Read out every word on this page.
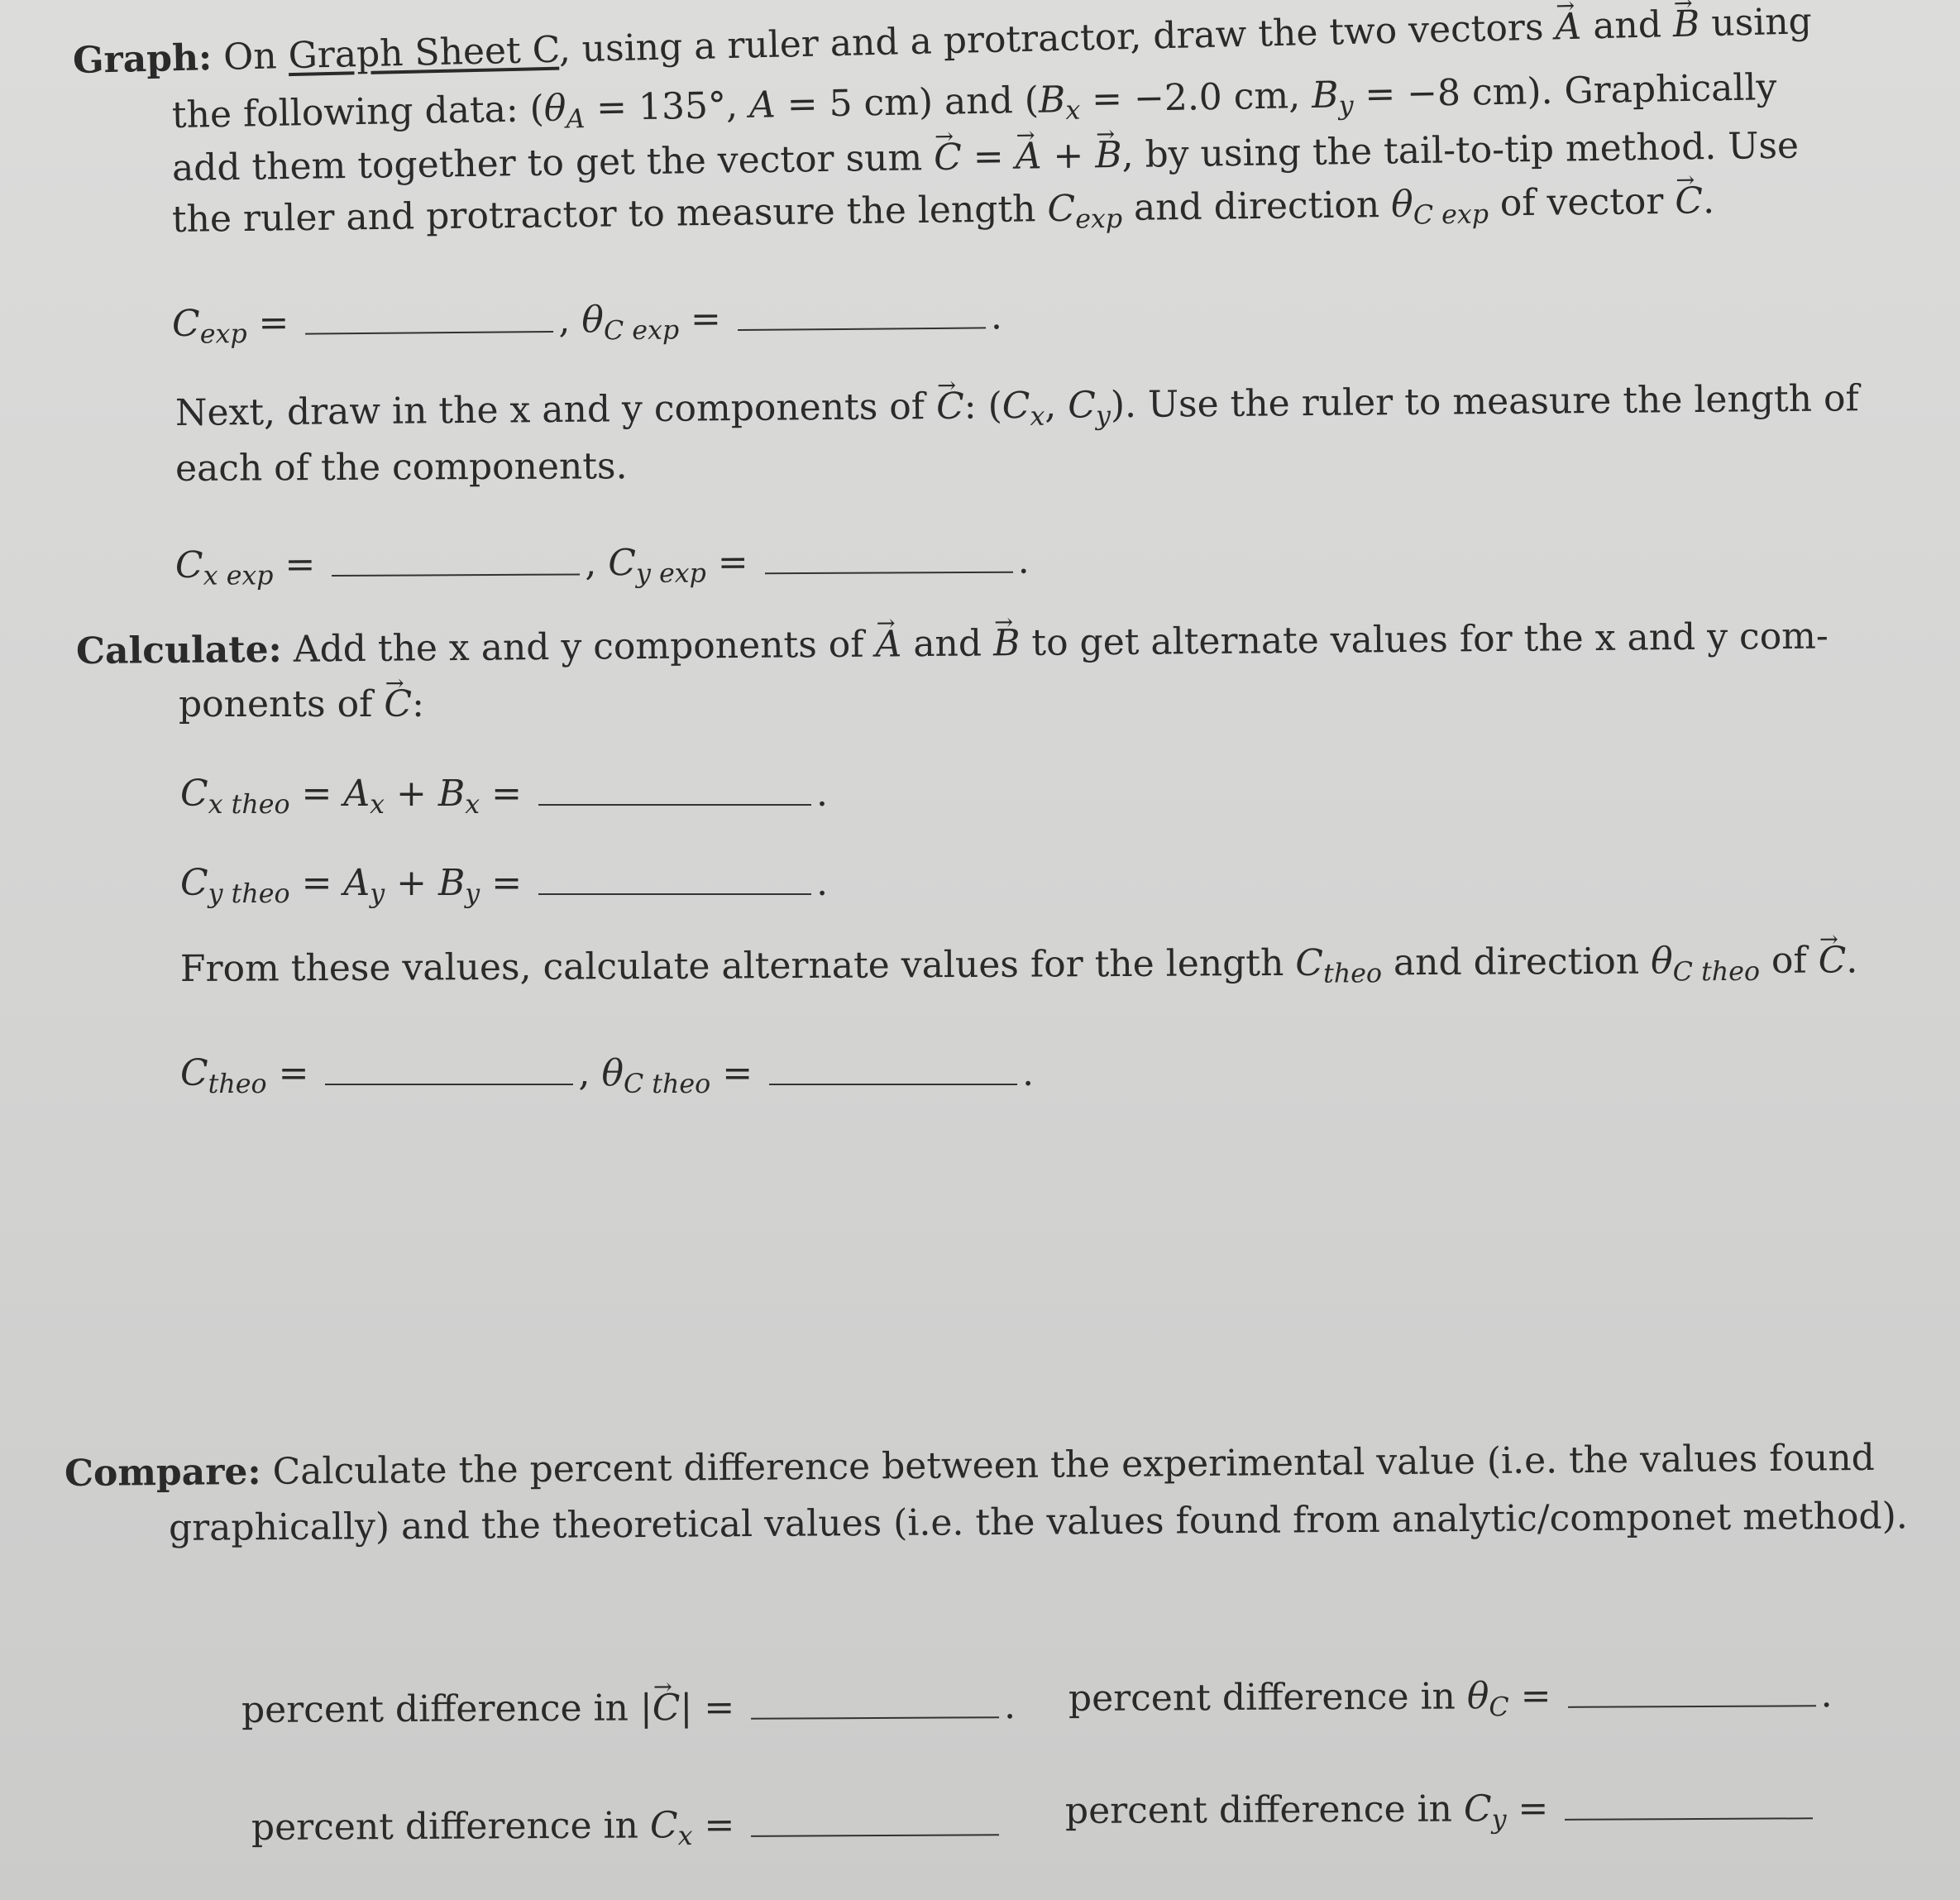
Graph: On Graph Sheet C, using a ruler and a protractor, draw the two vectors → A and → B using
the following data: ($\theta_A = 135^\circ$, A = 5 cm) and ($B_x = -2.0$ cm, $B_y = -8$ cm). Graphically
add them together to get the vector sum → C = → A + → B, by using the tail-to-tip method. Use
the ruler and protractor to measure the length $C_{exp}$ and direction $\theta_{C exp}$ of vector → C.
$C_{exp}$ =	, $\theta_{C exp}$ =	.
Next, draw in the x and y components of → C: ($C_x$, $C_y$). Use the ruler to measure the length of
each of the components.
$C_{x exp}$ =	, $C_{y exp}$ =	.
Calculate: Add the x and y components of → A and → B to get alternate values for the x and y com-
ponents of → C:
$C_{x theo} = A_x + B_x$ =	.
$C_{y theo} = A_y + B_y$ =	.
From these values, calculate alternate values for the length $C_{theo}$ and direction $\theta_{C theo}$ of → C.
$C_{theo}$ =	, $\theta_{C theo}$ =	.
Compare: Calculate the percent difference between the experimental value (i.e. the values found
graphically) and the theoretical values (i.e. the values found from analytic/componet method).
percent difference in |→ C| =	. percent difference in $\theta_C$ =	.
percent difference in $C_x$ =	percent difference in $C_y$ =
